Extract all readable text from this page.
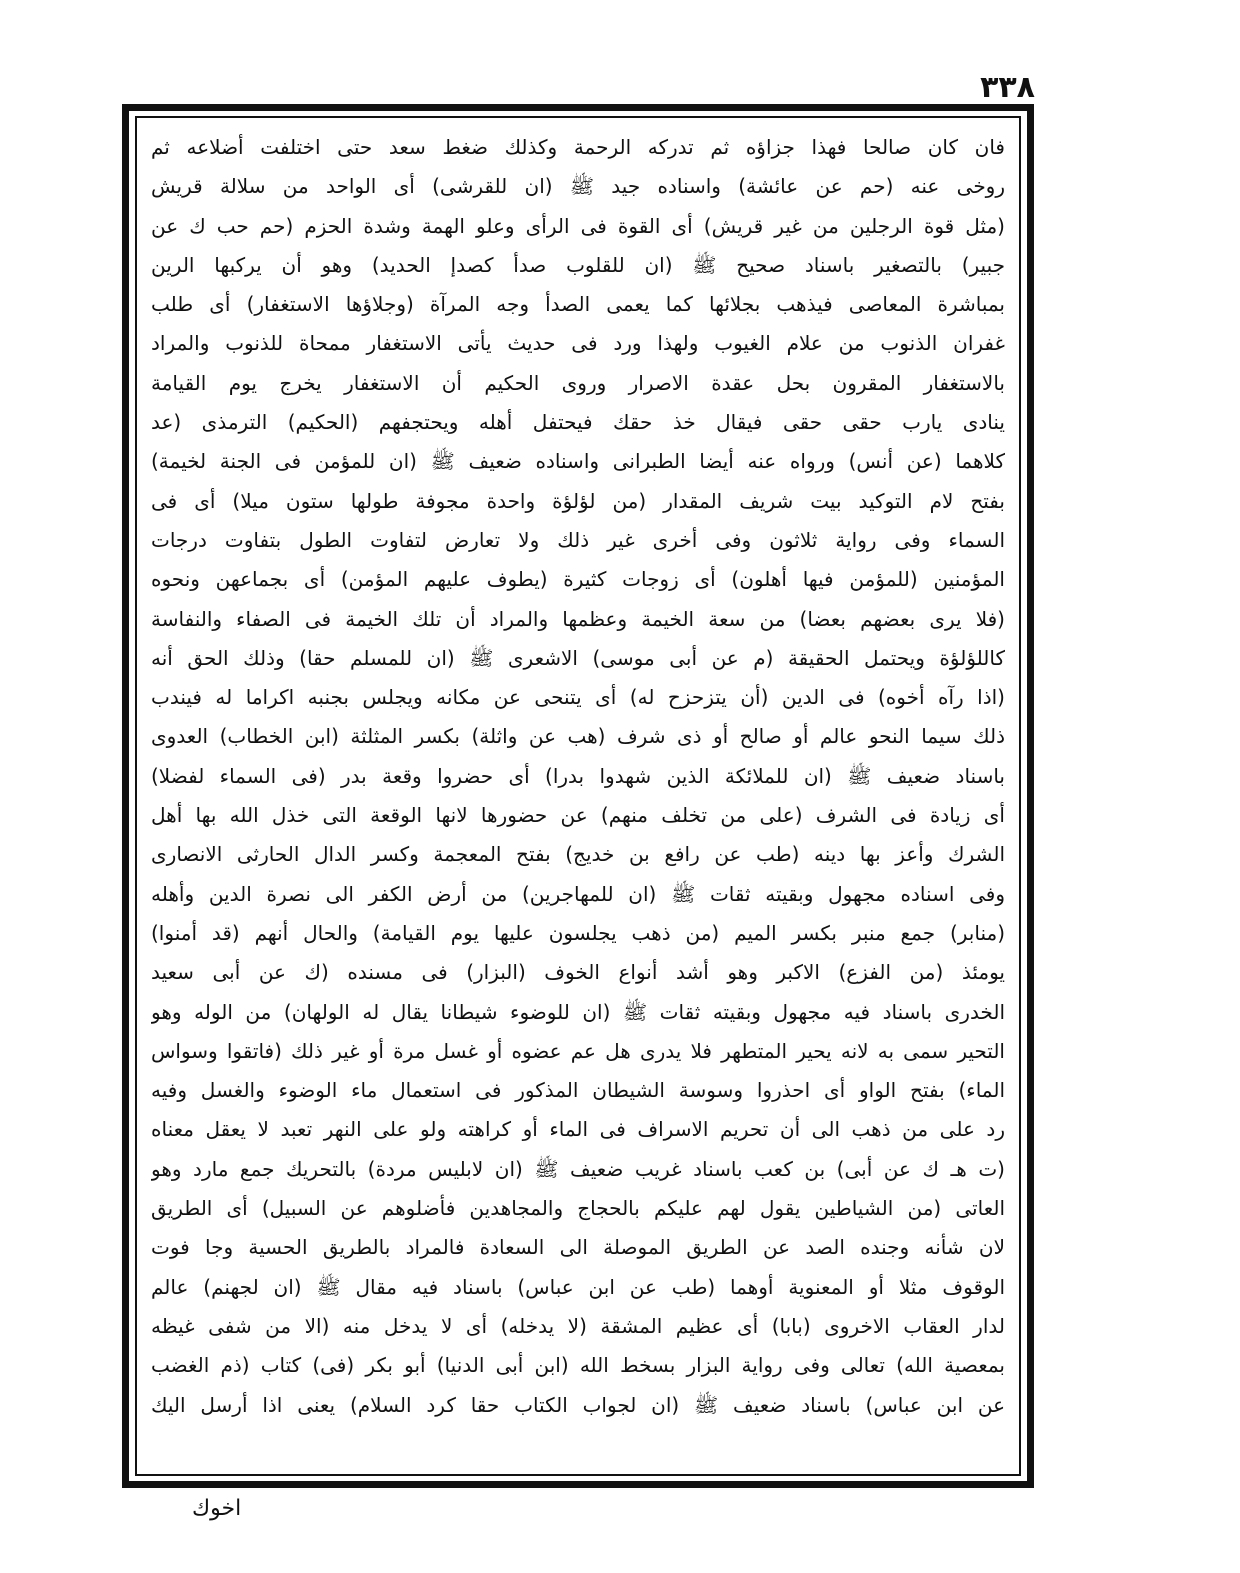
٣٣٨
فان كان صالحا فهذا جزاؤه ثم تدركه الرحمة وكذلك ضغط سعد حتى اختلفت أضلاعه ثم
روخى عنه (حم عن عائشة) واسناده جيد ﷺ (ان للقرشى) أى الواحد من سلالة قريش
(مثل قوة الرجلين من غير قريش) أى القوة فى الرأى وعلو الهمة وشدة الحزم (حم حب ك عن
جبير) بالتصغير باسناد صحيح ﷺ (ان للقلوب صدأ كصدإ الحديد) وهو أن يركبها الرين
بمباشرة المعاصى فيذهب بجلائها كما يعمى الصدأ وجه المرآة (وجلاؤها الاستغفار) أى طلب
غفران الذنوب من علام الغيوب ولهذا ورد فى حديث يأتى الاستغفار ممحاة للذنوب والمراد
بالاستغفار المقرون بحل عقدة الاصرار وروى الحكيم أن الاستغفار يخرج يوم القيامة
ينادى يارب حقى حقى فيقال خذ حقك فيحتفل أهله ويحتجفهم (الحكيم) الترمذى (عد
كلاهما (عن أنس) ورواه عنه أيضا الطبرانى واسناده ضعيف ﷺ (ان للمؤمن فى الجنة لخيمة)
بفتح لام التوكيد بيت شريف المقدار (من لؤلؤة واحدة مجوفة طولها ستون ميلا) أى فى
السماء وفى رواية ثلاثون وفى أخرى غير ذلك ولا تعارض لتفاوت الطول بتفاوت درجات
المؤمنين (للمؤمن فيها أهلون) أى زوجات كثيرة (يطوف عليهم المؤمن) أى بجماعهن ونحوه
(فلا يرى بعضهم بعضا) من سعة الخيمة وعظمها والمراد أن تلك الخيمة فى الصفاء والنفاسة
كاللؤلؤة ويحتمل الحقيقة (م عن أبى موسى) الاشعرى ﷺ (ان للمسلم حقا) وذلك الحق أنه
(اذا رآه أخوه) فى الدين (أن يتزحزح له) أى يتنحى عن مكانه ويجلس بجنبه اكراما له فيندب
ذلك سيما النحو عالم أو صالح أو ذى شرف (هب عن واثلة) بكسر المثلثة (ابن الخطاب) العدوى
باسناد ضعيف ﷺ (ان للملائكة الذين شهدوا بدرا) أى حضروا وقعة بدر (فى السماء لفضلا)
أى زيادة فى الشرف (على من تخلف منهم) عن حضورها لانها الوقعة التى خذل الله بها أهل
الشرك وأعز بها دينه (طب عن رافع بن خديج) بفتح المعجمة وكسر الدال الحارثى الانصارى
وفى اسناده مجهول وبقيته ثقات ﷺ (ان للمهاجرين) من أرض الكفر الى نصرة الدين وأهله
(منابر) جمع منبر بكسر الميم (من ذهب يجلسون عليها يوم القيامة) والحال أنهم (قد أمنوا)
يومئذ (من الفزع) الاكبر وهو أشد أنواع الخوف (البزار) فى مسنده (ك عن أبى سعيد
الخدرى باسناد فيه مجهول وبقيته ثقات ﷺ (ان للوضوء شيطانا يقال له الولهان) من الوله وهو
التحير سمى به لانه يحير المتطهر فلا يدرى هل عم عضوه أو غسل مرة أو غير ذلك (فاتقوا وسواس
الماء) بفتح الواو أى احذروا وسوسة الشيطان المذكور فى استعمال ماء الوضوء والغسل وفيه
رد على من ذهب الى أن تحريم الاسراف فى الماء أو كراهته ولو على النهر تعبد لا يعقل معناه
(ت هـ ك عن أبى) بن كعب باسناد غريب ضعيف ﷺ (ان لابليس مردة) بالتحريك جمع مارد وهو
العاتى (من الشياطين يقول لهم عليكم بالحجاج والمجاهدين فأضلوهم عن السبيل) أى الطريق
لان شأنه وجنده الصد عن الطريق الموصلة الى السعادة فالمراد بالطريق الحسية وجا فوت
الوقوف مثلا أو المعنوية أوهما (طب عن ابن عباس) باسناد فيه مقال ﷺ (ان لجهنم) عالم
لدار العقاب الاخروى (بابا) أى عظيم المشقة (لا يدخله) أى لا يدخل منه (الا من شفى غيظه
بمعصية الله) تعالى وفى رواية البزار بسخط الله (ابن أبى الدنيا) أبو بكر (فى) كتاب (ذم الغضب
عن ابن عباس) باسناد ضعيف ﷺ (ان لجواب الكتاب حقا كرد السلام) يعنى اذا أرسل اليك
اخوك
